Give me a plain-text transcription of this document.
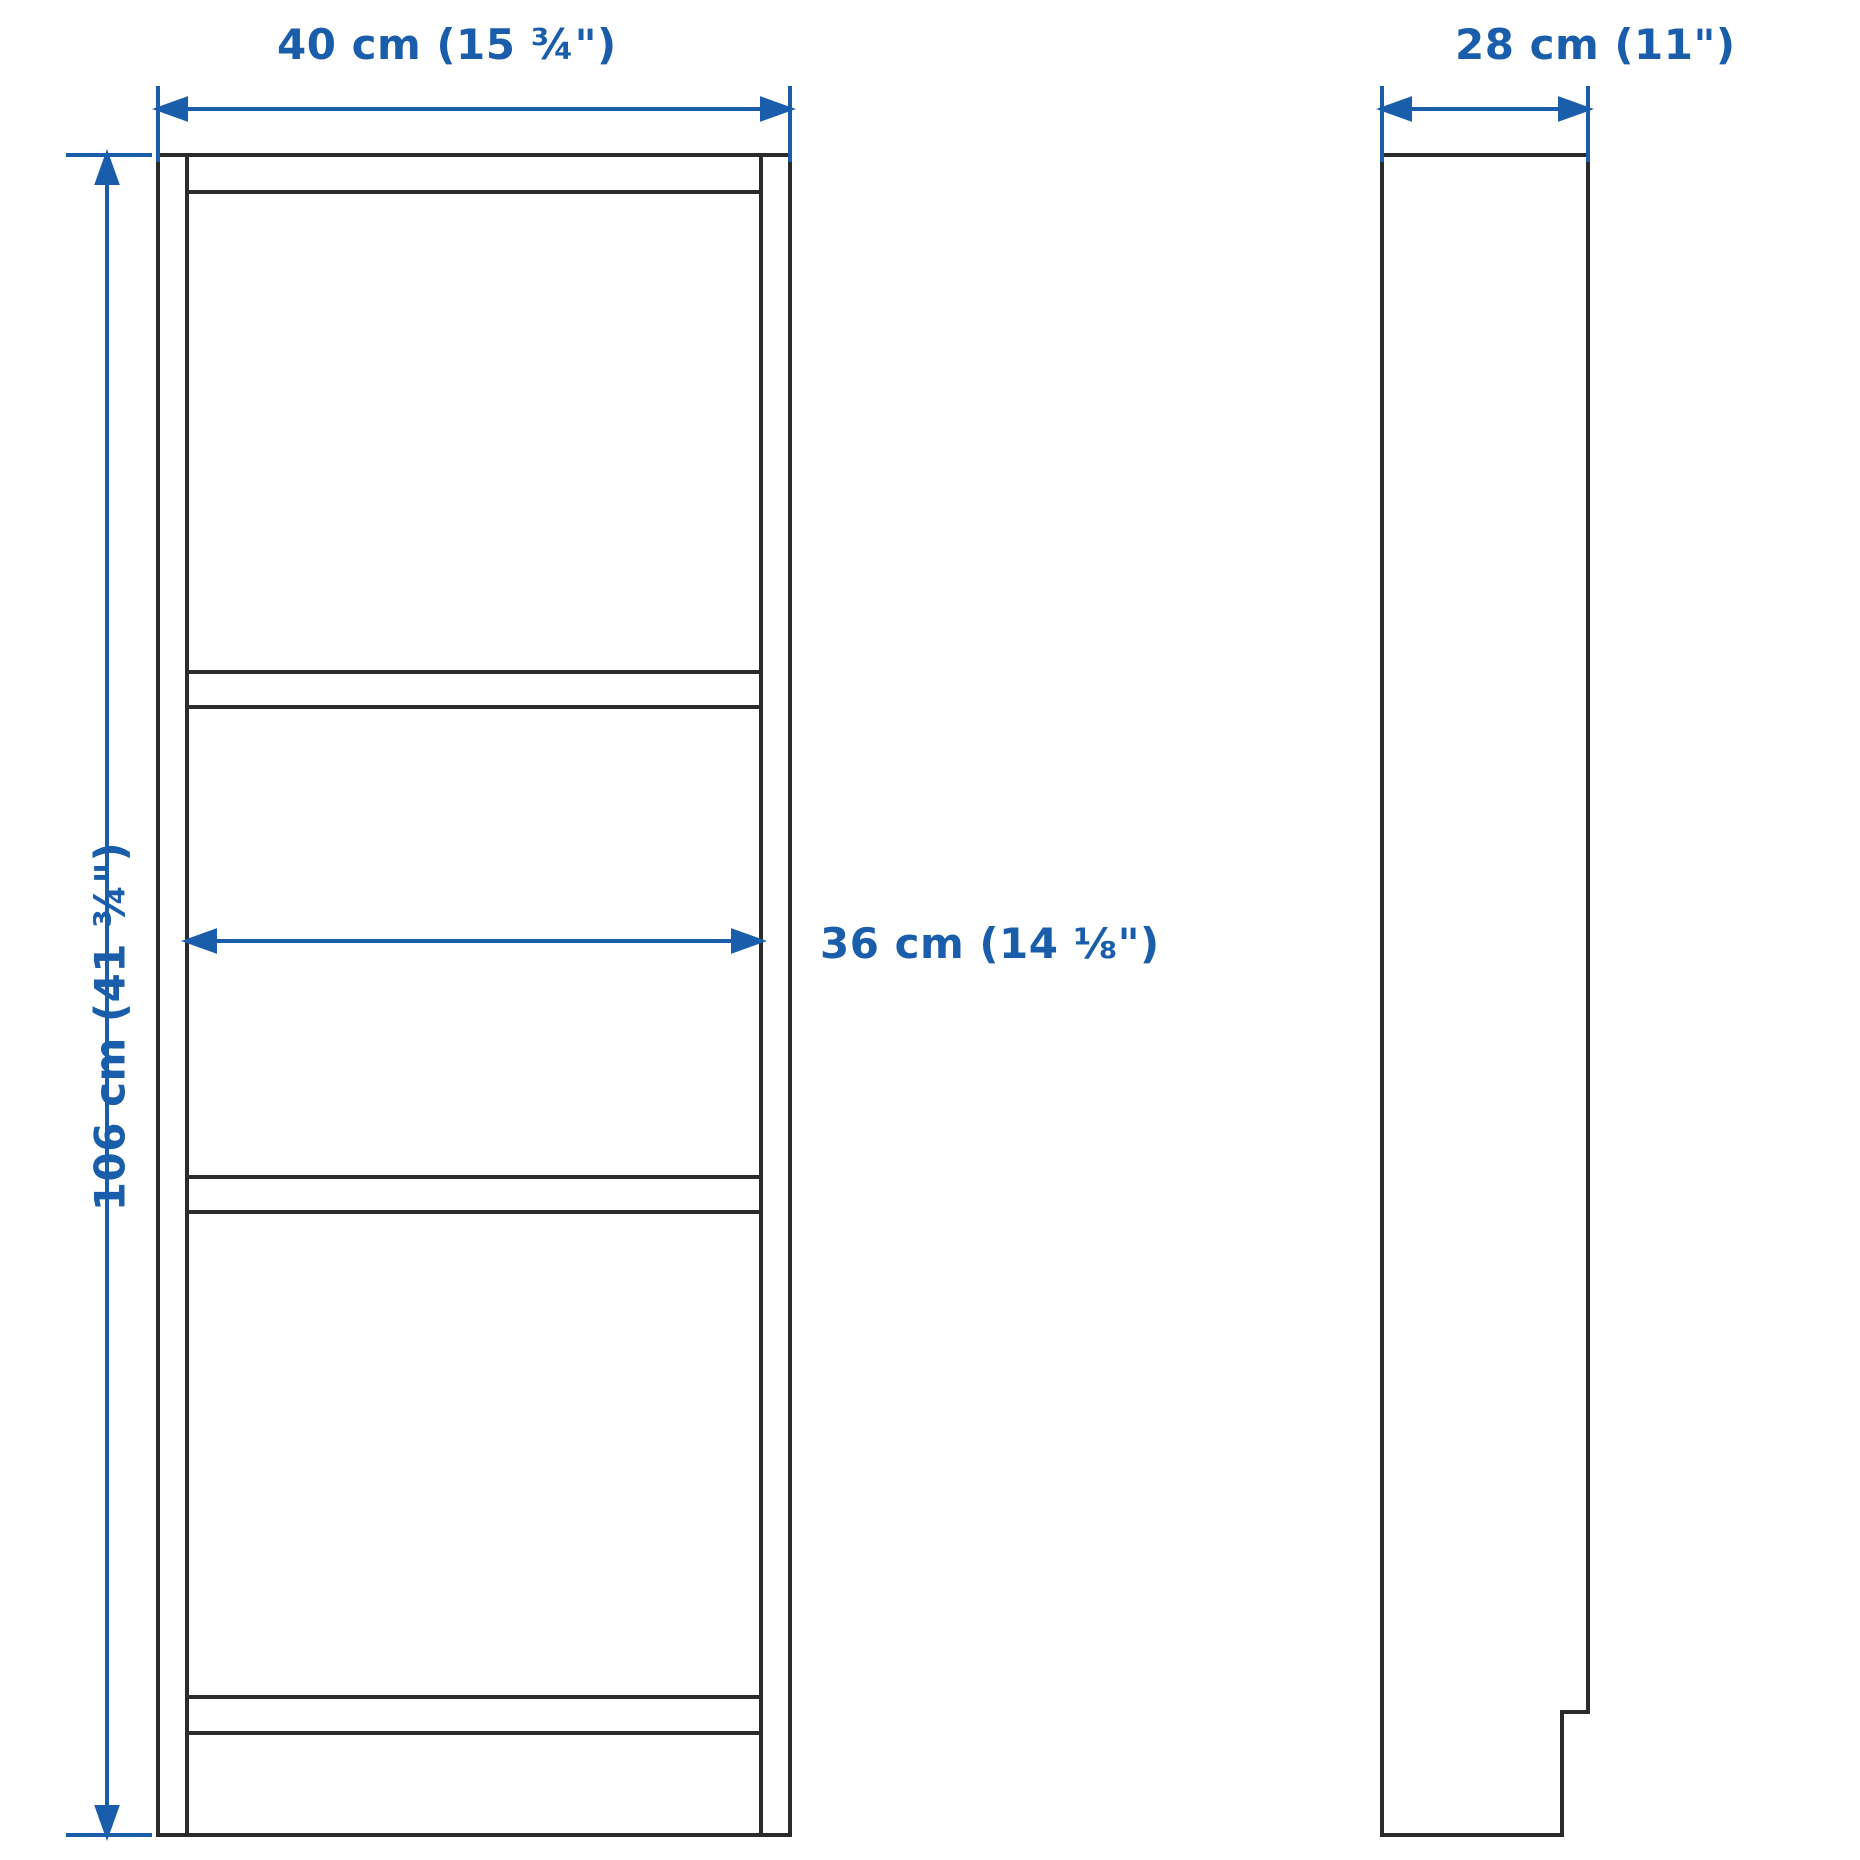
40 cm (15 ¾")	28 cm (11")
106 cm (41 ¾")	36 cm (14 ⅛")
